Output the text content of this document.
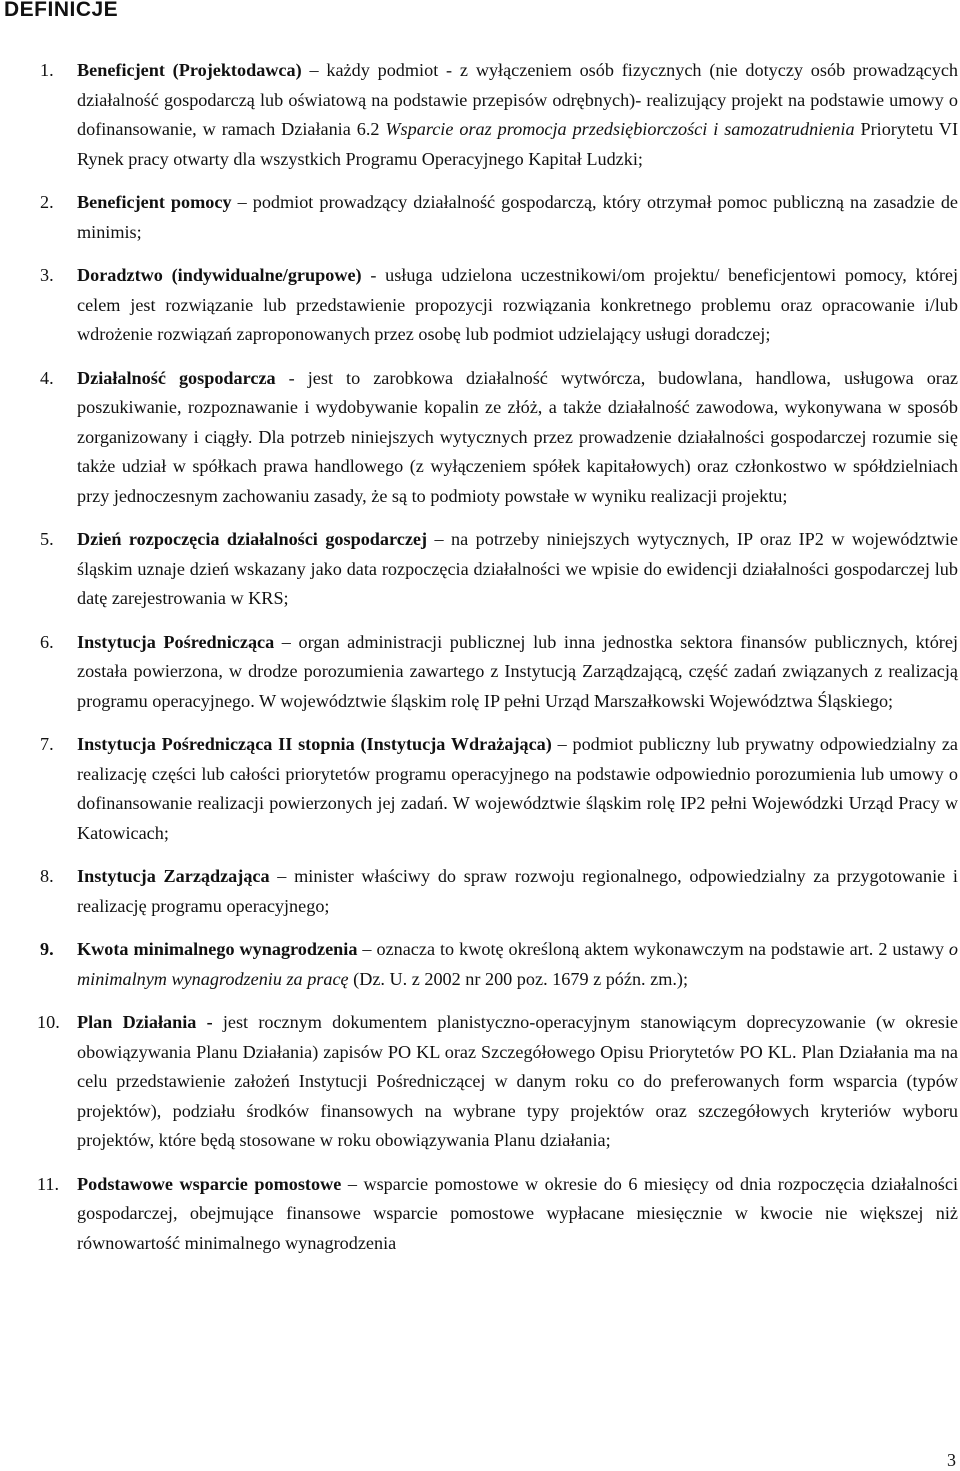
DEFINICJE
1. Beneficjent (Projektodawca) – każdy podmiot - z wyłączeniem osób fizycznych (nie dotyczy osób prowadzących działalność gospodarczą lub oświatową na podstawie przepisów odrębnych)- realizujący projekt na podstawie umowy o dofinansowanie, w ramach Działania 6.2 Wsparcie oraz promocja przedsiębiorczości i samozatrudnienia Priorytetu VI Rynek pracy otwarty dla wszystkich Programu Operacyjnego Kapitał Ludzki;
2. Beneficjent pomocy – podmiot prowadzący działalność gospodarczą, który otrzymał pomoc publiczną na zasadzie de minimis;
3. Doradztwo (indywidualne/grupowe) - usługa udzielona uczestnikowi/om projektu/ beneficjentowi pomocy, której celem jest rozwiązanie lub przedstawienie propozycji rozwiązania konkretnego problemu oraz opracowanie i/lub wdrożenie rozwiązań zaproponowanych przez osobę lub podmiot udzielający usługi doradczej;
4. Działalność gospodarcza - jest to zarobkowa działalność wytwórcza, budowlana, handlowa, usługowa oraz poszukiwanie, rozpoznawanie i wydobywanie kopalin ze złóż, a także działalność zawodowa, wykonywana w sposób zorganizowany i ciągły. Dla potrzeb niniejszych wytycznych przez prowadzenie działalności gospodarczej rozumie się także udział w spółkach prawa handlowego (z wyłączeniem spółek kapitałowych) oraz członkostwo w spółdzielniach przy jednoczesnym zachowaniu zasady, że są to podmioty powstałe w wyniku realizacji projektu;
5. Dzień rozpoczęcia działalności gospodarczej – na potrzeby niniejszych wytycznych, IP oraz IP2 w województwie śląskim uznaje dzień wskazany jako data rozpoczęcia działalności we wpisie do ewidencji działalności gospodarczej lub datę zarejestrowania w KRS;
6. Instytucja Pośrednicząca – organ administracji publicznej lub inna jednostka sektora finansów publicznych, której została powierzona, w drodze porozumienia zawartego z Instytucją Zarządzającą, część zadań związanych z realizacją programu operacyjnego. W województwie śląskim rolę IP pełni Urząd Marszałkowski Województwa Śląskiego;
7. Instytucja Pośrednicząca II stopnia (Instytucja Wdrażająca) – podmiot publiczny lub prywatny odpowiedzialny za realizację części lub całości priorytetów programu operacyjnego na podstawie odpowiednio porozumienia lub umowy o dofinansowanie realizacji powierzonych jej zadań. W województwie śląskim rolę IP2 pełni Wojewódzki Urząd Pracy w Katowicach;
8. Instytucja Zarządzająca – minister właściwy do spraw rozwoju regionalnego, odpowiedzialny za przygotowanie i realizację programu operacyjnego;
9. Kwota minimalnego wynagrodzenia – oznacza to kwotę określoną aktem wykonawczym na podstawie art. 2 ustawy o minimalnym wynagrodzeniu za pracę (Dz. U. z 2002 nr 200 poz. 1679 z późn. zm.);
10. Plan Działania - jest rocznym dokumentem planistyczno-operacyjnym stanowiącym doprecyzowanie (w okresie obowiązywania Planu Działania) zapisów PO KL oraz Szczegółowego Opisu Priorytetów PO KL. Plan Działania ma na celu przedstawienie założeń Instytucji Pośredniczącej w danym roku co do preferowanych form wsparcia (typów projektów), podziału środków finansowych na wybrane typy projektów oraz szczegółowych kryteriów wyboru projektów, które będą stosowane w roku obowiązywania Planu działania;
11. Podstawowe wsparcie pomostowe – wsparcie pomostowe w okresie do 6 miesięcy od dnia rozpoczęcia działalności gospodarczej, obejmujące finansowe wsparcie pomostowe wypłacane miesięcznie w kwocie nie większej niż równowartość minimalnego wynagrodzenia
3
